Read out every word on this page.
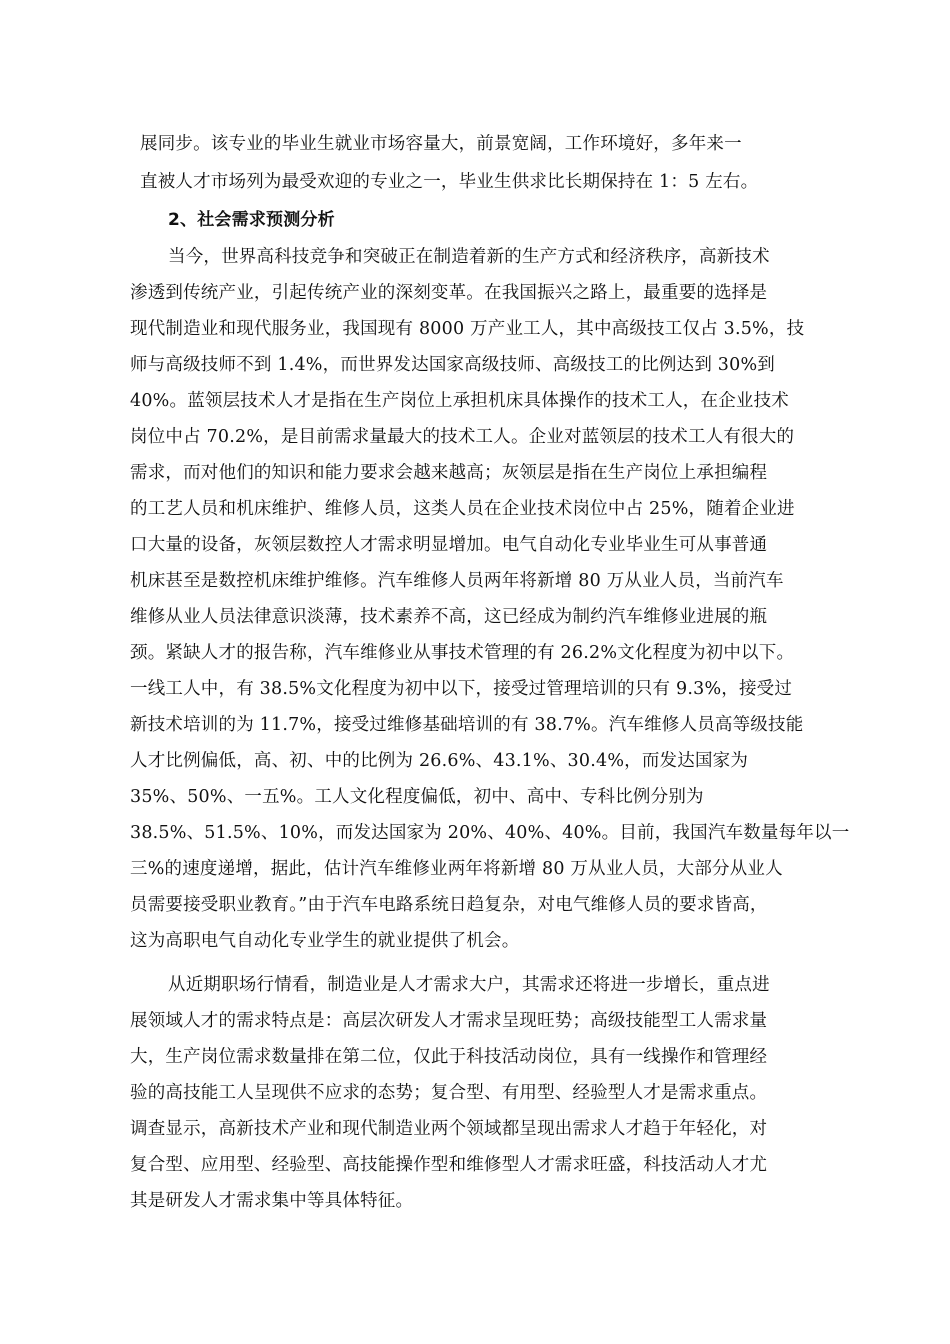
展同步。该专业的毕业生就业市场容量大，前景宽阔，工作环境好，多年来一
直被人才市场列为最受欢迎的专业之一，毕业生供求比长期保持在 1：5 左右。
2、社会需求预测分析
当今，世界高科技竞争和突破正在制造着新的生产方式和经济秩序，高新技术
渗透到传统产业，引起传统产业的深刻变革。在我国振兴之路上，最重要的选择是
现代制造业和现代服务业，我国现有 8000 万产业工人，其中高级技工仅占 3.5%，技
师与高级技师不到 1.4%，而世界发达国家高级技师、高级技工的比例达到 30%到
40%。蓝领层技术人才是指在生产岗位上承担机床具体操作的技术工人，在企业技术
岗位中占 70.2%，是目前需求量最大的技术工人。企业对蓝领层的技术工人有很大的
需求，而对他们的知识和能力要求会越来越高；灰领层是指在生产岗位上承担编程
的工艺人员和机床维护、维修人员，这类人员在企业技术岗位中占 25%，随着企业进
口大量的设备，灰领层数控人才需求明显增加。电气自动化专业毕业生可从事普通
机床甚至是数控机床维护维修。汽车维修人员两年将新增 80 万从业人员，当前汽车
维修从业人员法律意识淡薄，技术素养不高，这已经成为制约汽车维修业进展的瓶
颈。紧缺人才的报告称，汽车维修业从事技术管理的有 26.2%文化程度为初中以下。
一线工人中，有 38.5%文化程度为初中以下，接受过管理培训的只有 9.3%，接受过
新技术培训的为 11.7%，接受过维修基础培训的有 38.7%。汽车维修人员高等级技能
人才比例偏低，高、初、中的比例为 26.6%、43.1%、30.4%，而发达国家为
35%、50%、一五%。工人文化程度偏低，初中、高中、专科比例分别为
38.5%、51.5%、10%，而发达国家为 20%、40%、40%。目前，我国汽车数量每年以一
三%的速度递增，据此，估计汽车维修业两年将新增 80 万从业人员，大部分从业人
员需要接受职业教育。”由于汽车电路系统日趋复杂，对电气维修人员的要求皆高，
这为高职电气自动化专业学生的就业提供了机会。
从近期职场行情看，制造业是人才需求大户，其需求还将进一步增长，重点进
展领域人才的需求特点是：高层次研发人才需求呈现旺势；高级技能型工人需求量
大，生产岗位需求数量排在第二位，仅此于科技活动岗位，具有一线操作和管理经
验的高技能工人呈现供不应求的态势；复合型、有用型、经验型人才是需求重点。
调查显示，高新技术产业和现代制造业两个领域都呈现出需求人才趋于年轻化，对
复合型、应用型、经验型、高技能操作型和维修型人才需求旺盛，科技活动人才尤
其是研发人才需求集中等具体特征。
